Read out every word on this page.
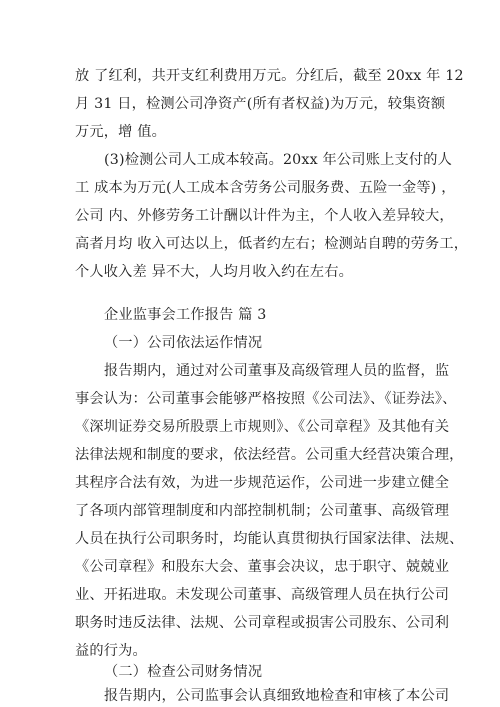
放 了红利，共开支红利费用万元。分红后，截至 20xx 年 12
月 31 日，检测公司净资产(所有者权益)为万元，较集资额
万元，增 值。
(3)检测公司人工成本较高。20xx 年公司账上支付的人
工 成本为万元(人工成本含劳务公司服务费、五险一金等) ，
公司 内、外修劳务工计酬以计件为主，个人收入差异较大，
高者月均 收入可达以上，低者约左右；检测站自聘的劳务工，
个人收入差 异不大，人均月收入约在左右。
企业监事会工作报告 篇 3
（一）公司依法运作情况
报告期内，通过对公司董事及高级管理人员的监督，监
事会认为：公司董事会能够严格按照《公司法》、《证券法》、
《深圳证券交易所股票上市规则》、《公司章程》及其他有关
法律法规和制度的要求，依法经营。公司重大经营决策合理，
其程序合法有效，为进一步规范运作，公司进一步建立健全
了各项内部管理制度和内部控制机制；公司董事、高级管理
人员在执行公司职务时，均能认真贯彻执行国家法律、法规、
《公司章程》和股东大会、董事会决议，忠于职守、兢兢业
业、开拓进取。未发现公司董事、高级管理人员在执行公司
职务时违反法律、法规、公司章程或损害公司股东、公司利
益的行为。
（二）检查公司财务情况
报告期内，公司监事会认真细致地检查和审核了本公司
